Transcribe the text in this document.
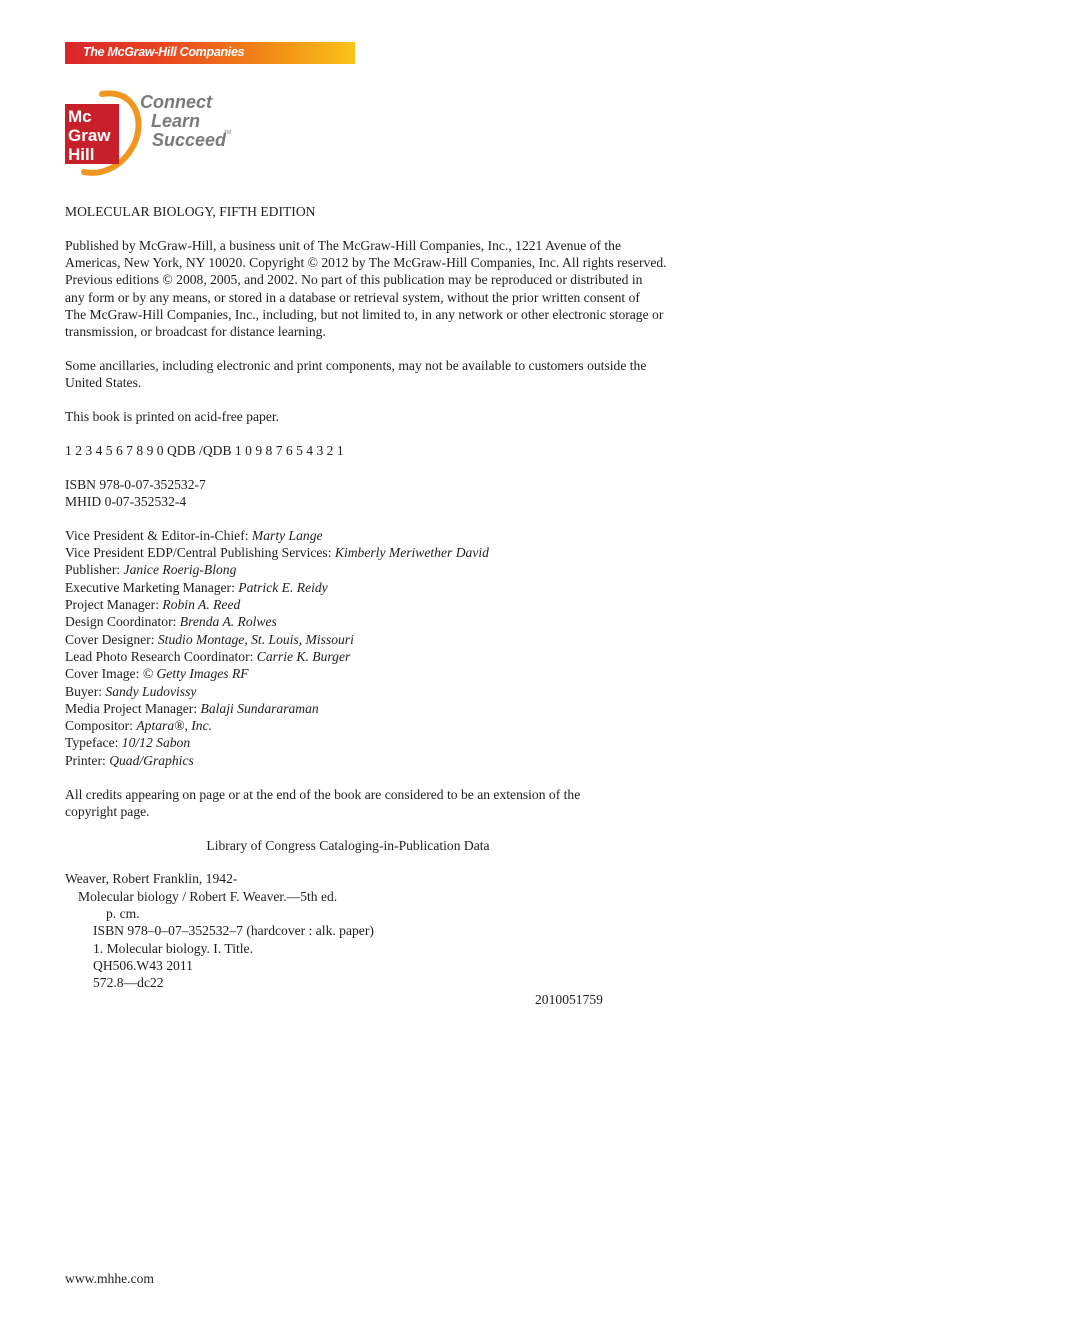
The McGraw-Hill Companies
Mc
Graw
Hill
Connect
Learn
Succeed
TM

MOLECULAR BIOLOGY, FIFTH EDITION

Published by McGraw-Hill, a business unit of The McGraw-Hill Companies, Inc., 1221 Avenue of the

Americas, New York, NY 10020. Copyright © 2012 by The McGraw-Hill Companies, Inc. All rights reserved.

Previous editions © 2008, 2005, and 2002. No part of this publication may be reproduced or distributed in

any form or by any means, or stored in a database or retrieval system, without the prior written consent of

The McGraw-Hill Companies, Inc., including, but not limited to, in any network or other electronic storage or

transmission, or broadcast for distance learning.

Some ancillaries, including electronic and print components, may not be available to customers outside the

United States.

This book is printed on acid-free paper.

1 2 3 4 5 6 7 8 9 0 QDB /QDB 1 0 9 8 7 6 5 4 3 2 1

ISBN 978-0-07-352532-7

MHID 0-07-352532-4

Vice President & Editor-in-Chief: Marty Lange

Vice President EDP/Central Publishing Services: Kimberly Meriwether David

Publisher: Janice Roerig-Blong

Executive Marketing Manager: Patrick E. Reidy

Project Manager: Robin A. Reed

Design Coordinator: Brenda A. Rolwes

Cover Designer: Studio Montage, St. Louis, Missouri

Lead Photo Research Coordinator: Carrie K. Burger

Cover Image: © Getty Images RF

Buyer: Sandy Ludovissy

Media Project Manager: Balaji Sundararaman

Compositor: Aptara®, Inc.

Typeface: 10/12 Sabon

Printer: Quad/Graphics

All credits appearing on page or at the end of the book are considered to be an extension of the

copyright page.

Library of Congress Cataloging-in-Publication Data

Weaver, Robert Franklin, 1942-

Molecular biology / Robert F. Weaver.—5th ed.

p. cm.

ISBN 978–0–07–352532–7 (hardcover : alk. paper)

1. Molecular biology. I. Title.

QH506.W43 2011

572.8—dc22

2010051759

www.mhhe.com
